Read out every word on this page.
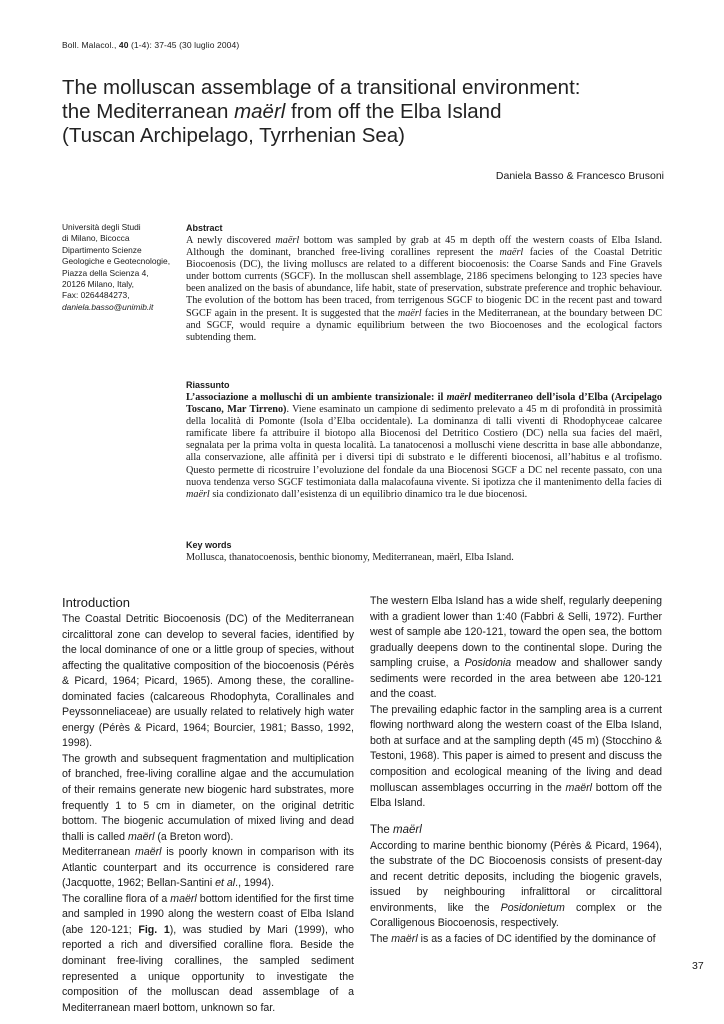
Boll. Malacol., 40 (1-4): 37-45 (30 luglio 2004)
The molluscan assemblage of a transitional environment:
the Mediterranean maërl from off the Elba Island
(Tuscan Archipelago, Tyrrhenian Sea)
Daniela Basso & Francesco Brusoni
Università degli Studi
di Milano, Bicocca
Dipartimento Scienze
Geologiche e Geotecnologie,
Piazza della Scienza 4,
20126 Milano, Italy,
Fax: 0264484273,
daniela.basso@unimib.it
Abstract

A newly discovered maërl bottom was sampled by grab at 45 m depth off the western coasts of Elba Island. Although the dominant, branched free-living corallines represent the maërl facies of the Coastal Detritic Biocoenosis (DC), the living molluscs are related to a different biocoenosis: the Coarse Sands and Fine Gravels under bottom currents (SGCF). In the molluscan shell assemblage, 2186 specimens belonging to 123 species have been analized on the basis of abundance, life habit, state of preservation, substrate preference and trophic behaviour. The evolution of the bottom has been traced, from terrigenous SGCF to biogenic DC in the recent past and toward SGCF again in the present. It is suggested that the maërl facies in the Mediterranean, at the boundary between DC and SGCF, would require a dynamic equilibrium between the two Biocoenoses and the ecological factors subtending them.

Riassunto

L’associazione a molluschi di un ambiente transizionale: il maërl mediterraneo dell’isola d’Elba (Arcipelago Toscano, Mar Tirreno). Viene esaminato un campione di sedimento prelevato a 45 m di profondità in prossimità della località di Pomonte (Isola d’Elba occidentale). La dominanza di talli viventi di Rhodophyceae calcaree ramificate libere fa attribuire il biotopo alla Biocenosi del Detritico Costiero (DC) nella sua facies del maërl, segnalata per la prima volta in questa località. La tanatocenosi a molluschi viene descritta in base alle abbondanze, alla conservazione, alle affinità per i diversi tipi di substrato e le differenti biocenosi, all’habitus e al trofismo. Questo permette di ricostruire l’evoluzione del fondale da una Biocenosi SGCF a DC nel recente passato, con una nuova tendenza verso SGCF testimoniata dalla malacofauna vivente. Si ipotizza che il mantenimento della facies di maërl sia condizionato dall’esistenza di un equilibrio dinamico tra le due biocenosi.

Key words

Mollusca, thanatocoenosis, benthic bionomy, Mediterranean, maërl, Elba Island.

Introduction

The Coastal Detritic Biocoenosis (DC) of the Mediterranean circalittoral zone can develop to several facies, identified by the local dominance of one or a little group of species, without affecting the qualitative composition of the biocoenosis (Pérès & Picard, 1964; Picard, 1965). Among these, the coralline-dominated facies (calcareous Rhodophyta, Corallinales and Peyssonneliaceae) are usually related to relatively high water energy (Pérès & Picard, 1964; Bourcier, 1981; Basso, 1992, 1998).

The growth and subsequent fragmentation and multiplication of branched, free-living coralline algae and the accumulation of their remains generate new biogenic hard substrates, more frequently 1 to 5 cm in diameter, on the original detritic bottom. The biogenic accumulation of mixed living and dead thalli is called maërl (a Breton word).

Mediterranean maërl is poorly known in comparison with its Atlantic counterpart and its occurrence is considered rare (Jacquotte, 1962; Bellan-Santini et al., 1994).

The coralline flora of a maërl bottom identified for the first time and sampled in 1990 along the western coast of Elba Island (abe 120-121; Fig. 1), was studied by Mari (1999), who reported a rich and diversified coralline flora. Beside the dominant free-living corallines, the sampled sediment represented a unique opportunity to investigate the composition of the molluscan dead assemblage of a Mediterranean maerl bottom, unknown so far.

The western Elba Island has a wide shelf, regularly deepening with a gradient lower than 1:40 (Fabbri & Selli, 1972). Further west of sample abe 120-121, toward the open sea, the bottom gradually deepens down to the continental slope. During the sampling cruise, a Posidonia meadow and shallower sandy sediments were recorded in the area between abe 120-121 and the coast.

The prevailing edaphic factor in the sampling area is a current flowing northward along the western coast of the Elba Island, both at surface and at the sampling depth (45 m) (Stocchino & Testoni, 1968). This paper is aimed to present and discuss the composition and ecological meaning of the living and dead molluscan assemblages occurring in the maërl bottom off the Elba Island.

The maërl

According to marine benthic bionomy (Pérès & Picard, 1964), the substrate of the DC Biocoenosis consists of present-day and recent detritic deposits, including the biogenic gravels, issued by neighbouring infralittoral or circalittoral environments, like the Posidonietum complex or the Coralligenous Biocoenosis, respectively.

The maërl is as a facies of DC identified by the dominance of

37
